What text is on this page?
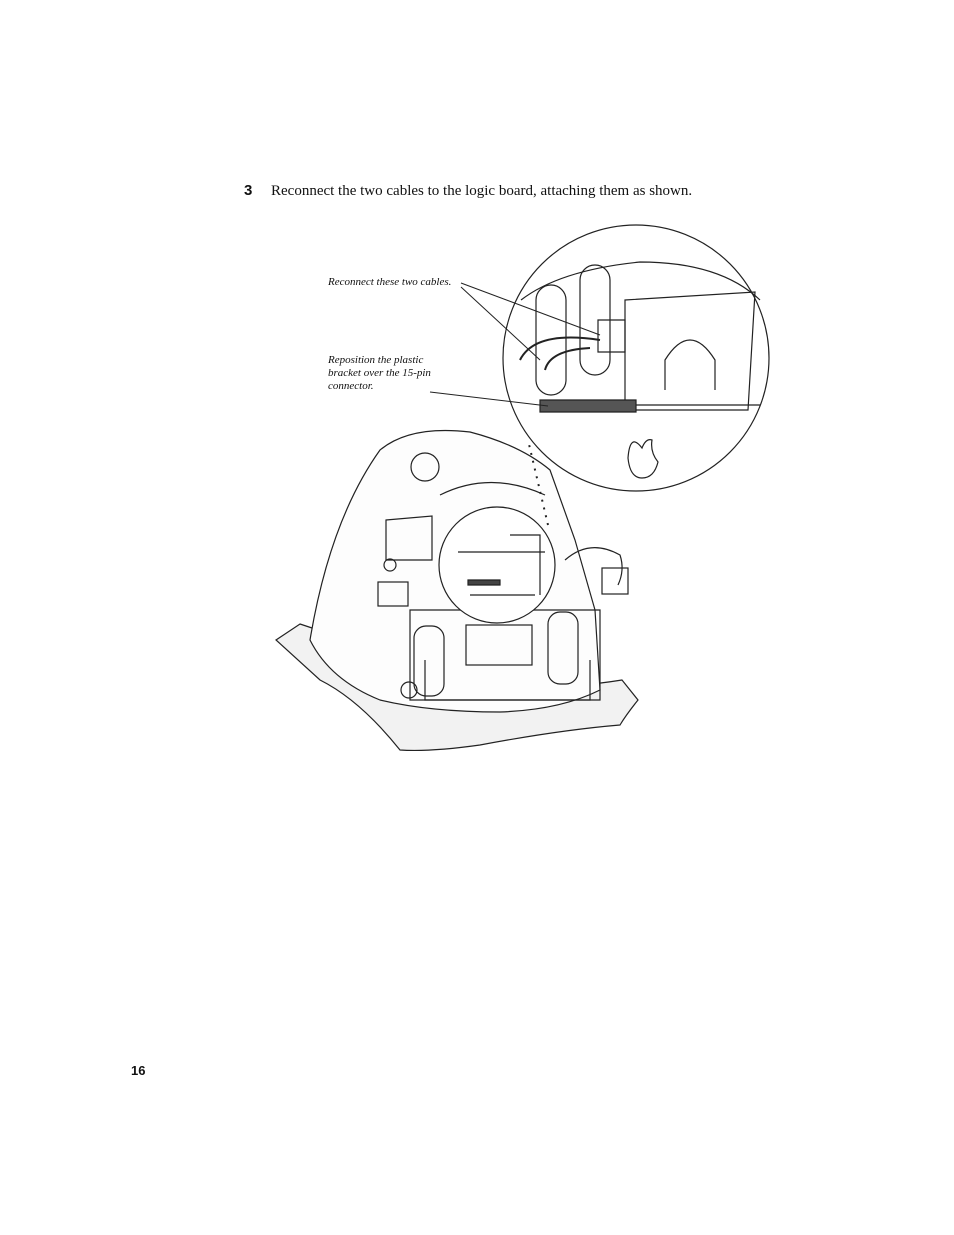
3	Reconnect the two cables to the logic board, attaching them as shown.
Reconnect these two cables.
Reposition the plastic bracket over the 15-pin connector.
16
